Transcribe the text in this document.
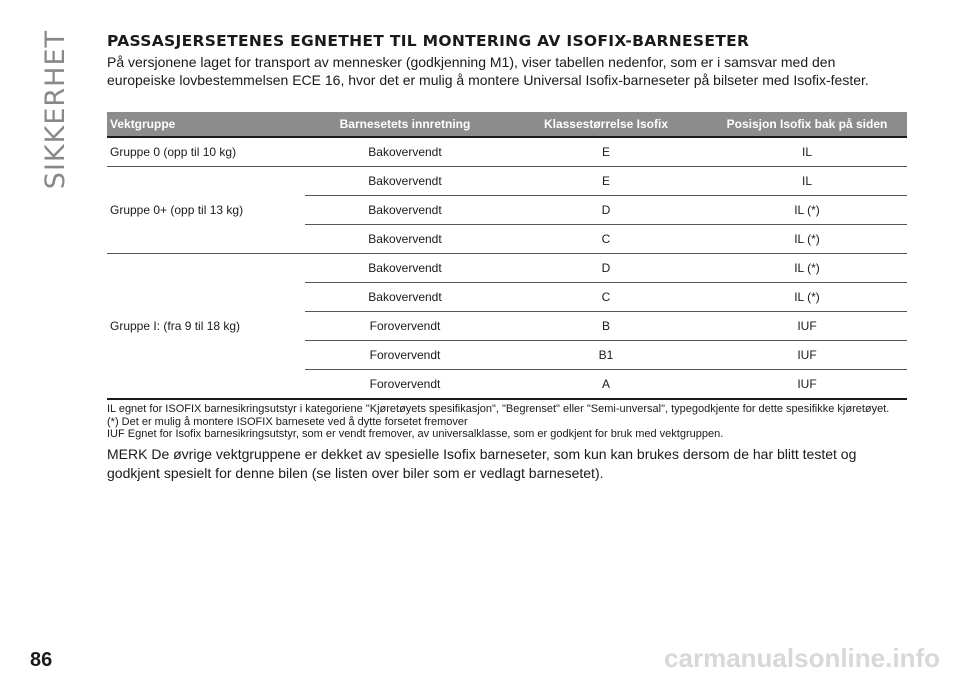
SIKKERHET
86
PASSASJERSETENES EGNETHET TIL MONTERING AV ISOFIX-BARNESETER

På versjonene laget for transport av mennesker (godkjenning M1), viser tabellen nedenfor, som er i samsvar med den europeiske lovbestemmelsen ECE 16, hvor det er mulig å montere Universal Isofix-barneseter på bilseter med Isofix-fester.

Vektgruppe	Barnesetets innretning	Klassestørrelse Isofix	Posisjon Isofix bak på siden
Gruppe 0 (opp til 10 kg)	Bakovervendt	E	IL
Gruppe 0+ (opp til 13 kg)	Bakovervendt	E	IL
	Bakovervendt	D	IL (*)
	Bakovervendt	C	IL (*)
Gruppe I: (fra 9 til 18 kg)	Bakovervendt	D	IL (*)
	Bakovervendt	C	IL (*)
	Forovervendt	B	IUF
	Forovervendt	B1	IUF
	Forovervendt	A	IUF

IL egnet for ISOFIX barnesikringsutstyr i kategoriene "Kjøretøyets spesifikasjon", "Begrenset" eller "Semi-unversal", typegodkjente for dette spesifikke kjøretøyet.

(*) Det er mulig å montere ISOFIX barnesete ved å dytte forsetet fremover

IUF Egnet for Isofix barnesikringsutstyr, som er vendt fremover, av universalklasse, som er godkjent for bruk med vektgruppen.

MERK De øvrige vektgruppene er dekket av spesielle Isofix barneseter, som kun kan brukes dersom de har blitt testet og godkjent spesielt for denne bilen (se listen over biler som er vedlagt barnesetet).

carmanualsonline.info
